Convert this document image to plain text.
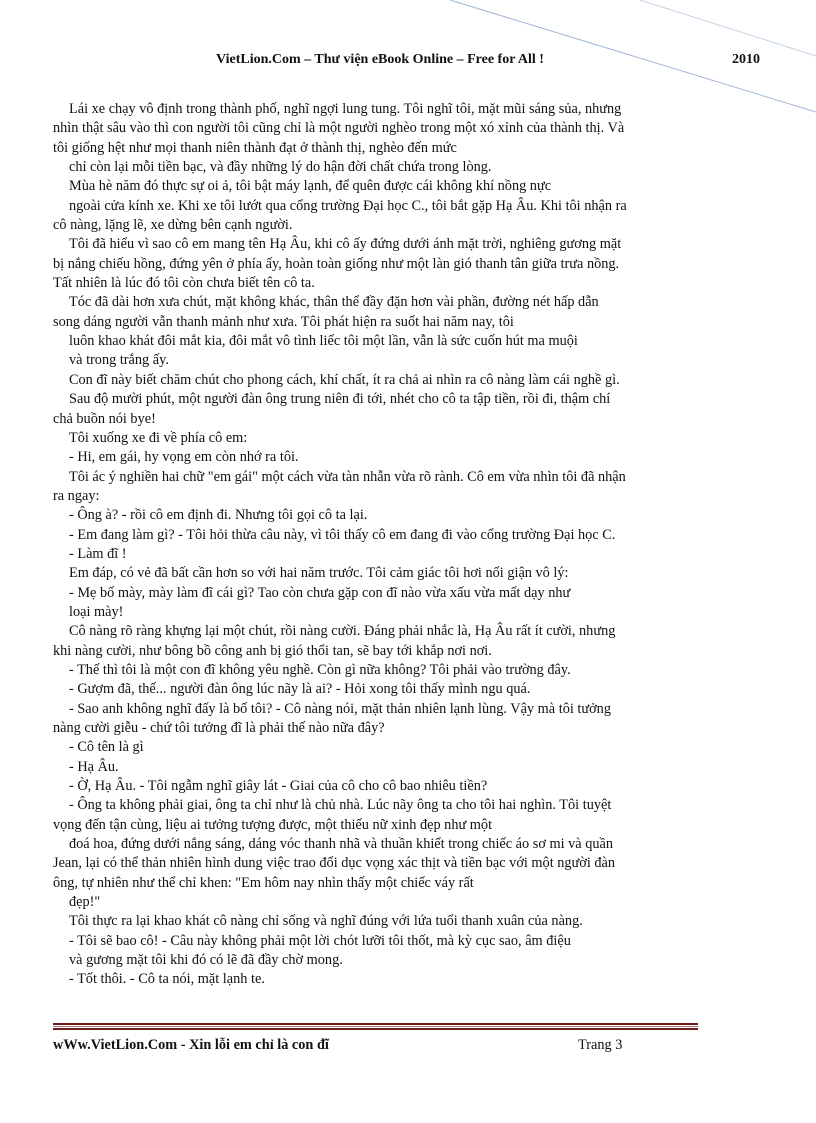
VietLion.Com – Thư viện eBook Online – Free for All !	2010

Lái xe chạy vô định trong thành phố, nghĩ ngợi lung tung. Tôi nghĩ tôi, mặt mũi sáng sủa, nhưng

nhìn thật sâu vào thì con người tôi cũng chỉ là một người nghèo trong một xó xỉnh của thành thị. Và

tôi giống hệt như mọi thanh niên thành đạt ở thành thị, nghèo đến mức

chỉ còn lại mỗi tiền bạc, và đầy những lý do hận đời chất chứa trong lòng.

Mùa hè năm đó thực sự oi ả, tôi bật máy lạnh, để quên được cái không khí nồng nực

ngoài cửa kính xe. Khi xe tôi lướt qua cổng trường Đại học C., tôi bắt gặp Hạ Âu. Khi tôi nhận ra

cô nàng, lặng lẽ, xe dừng bên cạnh người.

Tôi đã hiểu vì sao cô em mang tên Hạ Âu, khi cô ấy đứng dưới ánh mặt trời, nghiêng gương mặt

bị nắng chiếu hồng, đứng yên ở phía ấy, hoàn toàn giống như một làn gió thanh tân giữa trưa nồng.

Tất nhiên là lúc đó tôi còn chưa biết tên cô ta.

Tóc đã dài hơn xưa chút, mặt không khác, thân thể đầy đặn hơn vài phần, đường nét hấp dẫn

song dáng người vẫn thanh mảnh như xưa. Tôi phát hiện ra suốt hai năm nay, tôi

luôn khao khát đôi mắt kia, đôi mắt vô tình liếc tôi một lần, vẫn là sức cuốn hút ma muội

và trong trắng ấy.

Con đĩ này biết chăm chút cho phong cách, khí chất, ít ra chả ai nhìn ra cô nàng làm cái nghề gì.

Sau độ mười phút, một người đàn ông trung niên đi tới, nhét cho cô ta tập tiền, rồi đi, thậm chí

chả buồn nói bye!

Tôi xuống xe đi về phía cô em:

- Hi, em gái, hy vọng em còn nhớ ra tôi.

Tôi ác ý nghiền hai chữ "em gái" một cách vừa tàn nhẫn vừa rõ rành. Cô em vừa nhìn tôi đã nhận

ra ngay:

- Ông à? - rồi cô em định đi. Nhưng tôi gọi cô ta lại.

- Em đang làm gì? - Tôi hỏi thừa câu này, vì tôi thấy cô em đang đi vào cổng trường Đại học C.

- Làm đĩ !

Em đáp, có vẻ đã bất cần hơn so với hai năm trước. Tôi cảm giác tôi hơi nổi giận vô lý:

- Mẹ bố mày, mày làm đĩ cái gì? Tao còn chưa gặp con đĩ nào vừa xấu vừa mất dạy như

loại mày!

Cô nàng rõ ràng khựng lại một chút, rồi nàng cười. Đáng phải nhắc là, Hạ Âu rất ít cười, nhưng

khi nàng cười, như bông bồ công anh bị gió thổi tan, sẽ bay tới khắp nơi nơi.

- Thế thì tôi là một con đĩ không yêu nghề. Còn gì nữa không? Tôi phải vào trường đây.

- Gượm đã, thế... người đàn ông lúc nãy là ai? - Hỏi xong tôi thấy mình ngu quá.

- Sao anh không nghĩ đấy là bố tôi? - Cô nàng nói, mặt thản nhiên lạnh lùng. Vậy mà tôi tưởng

nàng cười giễu - chứ tôi tưởng đĩ là phải thế nào nữa đây?

- Cô tên là gì

- Hạ Âu.

- Ờ, Hạ Âu. - Tôi ngẫm nghĩ giây lát - Giai của cô cho cô bao nhiêu tiền?

- Ông ta không phải giai, ông ta chỉ như là chủ nhà. Lúc nãy ông ta cho tôi hai nghìn. Tôi tuyệt

vọng đến tận cùng, liệu ai tưởng tượng được, một thiếu nữ xinh đẹp như một

đoá hoa, đứng dưới nắng sáng, dáng vóc thanh nhã và thuần khiết trong chiếc áo sơ mi và quần

Jean, lại có thể thản nhiên hình dung việc trao đổi dục vọng xác thịt và tiền bạc với một người đàn

ông, tự nhiên như thể chỉ khen: "Em hôm nay nhìn thấy một chiếc váy rất

đẹp!"

Tôi thực ra lại khao khát cô nàng chỉ sống và nghĩ đúng với lứa tuổi thanh xuân của nàng.

- Tôi sẽ bao cô! - Câu này không phải một lời chót lưỡi tôi thốt, mà kỳ cục sao, âm điệu

và gương mặt tôi khi đó có lẽ đã đầy chờ mong.

- Tốt thôi. - Cô ta nói, mặt lạnh te.

wWw.VietLion.Com - Xin lỗi em chỉ là con đĩ	Trang 3
